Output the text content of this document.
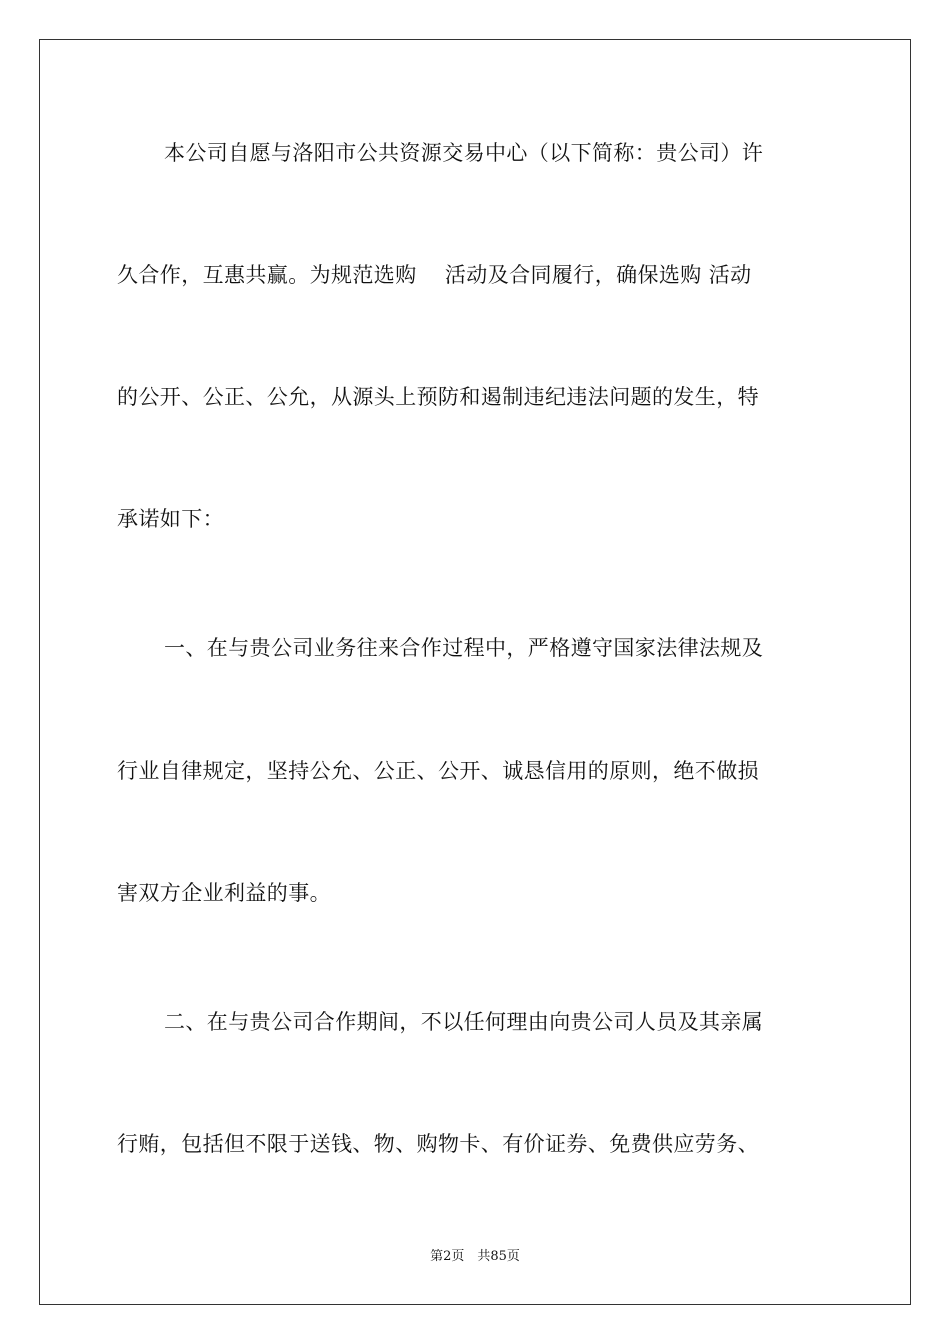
本公司自愿与洛阳市公共资源交易中心（以下简称：贵公司）许
久合作，互惠共赢。为规范选购    活动及合同履行，确保选购 活动
的公开、公正、公允，从源头上预防和遏制违纪违法问题的发生，特
承诺如下：
一、在与贵公司业务往来合作过程中，严格遵守国家法律法规及
行业自律规定，坚持公允、公正、公开、诚恳信用的原则，绝不做损
害双方企业利益的事。
二、在与贵公司合作期间，不以任何理由向贵公司人员及其亲属
行贿，包括但不限于送钱、物、购物卡、有价证券、免费供应劳务、
第2页　共85页
